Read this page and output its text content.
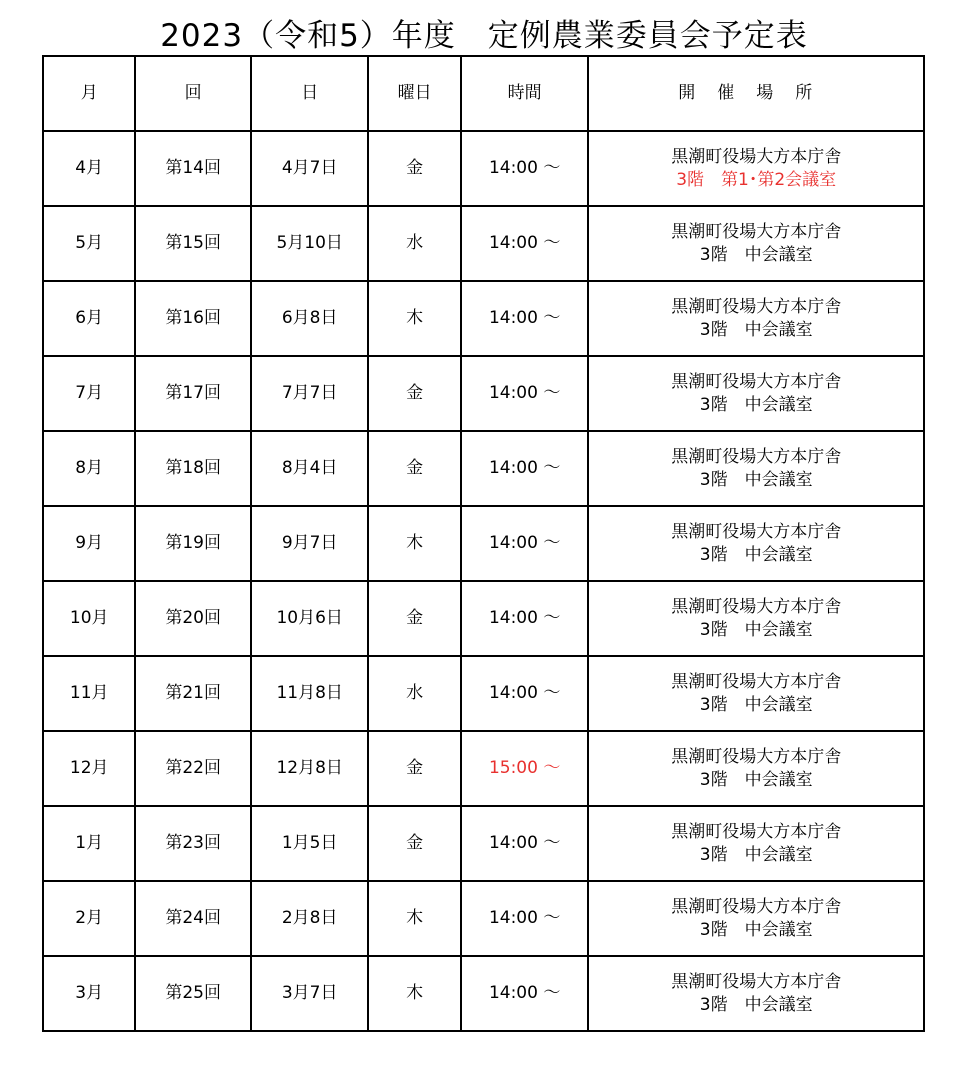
2023（令和5）年度　定例農業委員会予定表
月	回	日	曜日	時間	開催場所
4月	第14回	4月7日	金	14:00 ～	黒潮町役場大方本庁舎
3階　第1･第2会議室

5月	第15回	5月10日	水	14:00 ～	黒潮町役場大方本庁舎
3階　中会議室

6月	第16回	6月8日	木	14:00 ～	黒潮町役場大方本庁舎
3階　中会議室

7月	第17回	7月7日	金	14:00 ～	黒潮町役場大方本庁舎
3階　中会議室

8月	第18回	8月4日	金	14:00 ～	黒潮町役場大方本庁舎
3階　中会議室

9月	第19回	9月7日	木	14:00 ～	黒潮町役場大方本庁舎
3階　中会議室

10月	第20回	10月6日	金	14:00 ～	黒潮町役場大方本庁舎
3階　中会議室

11月	第21回	11月8日	水	14:00 ～	黒潮町役場大方本庁舎
3階　中会議室

12月	第22回	12月8日	金	15:00 ～	黒潮町役場大方本庁舎
3階　中会議室

1月	第23回	1月5日	金	14:00 ～	黒潮町役場大方本庁舎
3階　中会議室

2月	第24回	2月8日	木	14:00 ～	黒潮町役場大方本庁舎
3階　中会議室

3月	第25回	3月7日	木	14:00 ～	黒潮町役場大方本庁舎
3階　中会議室
